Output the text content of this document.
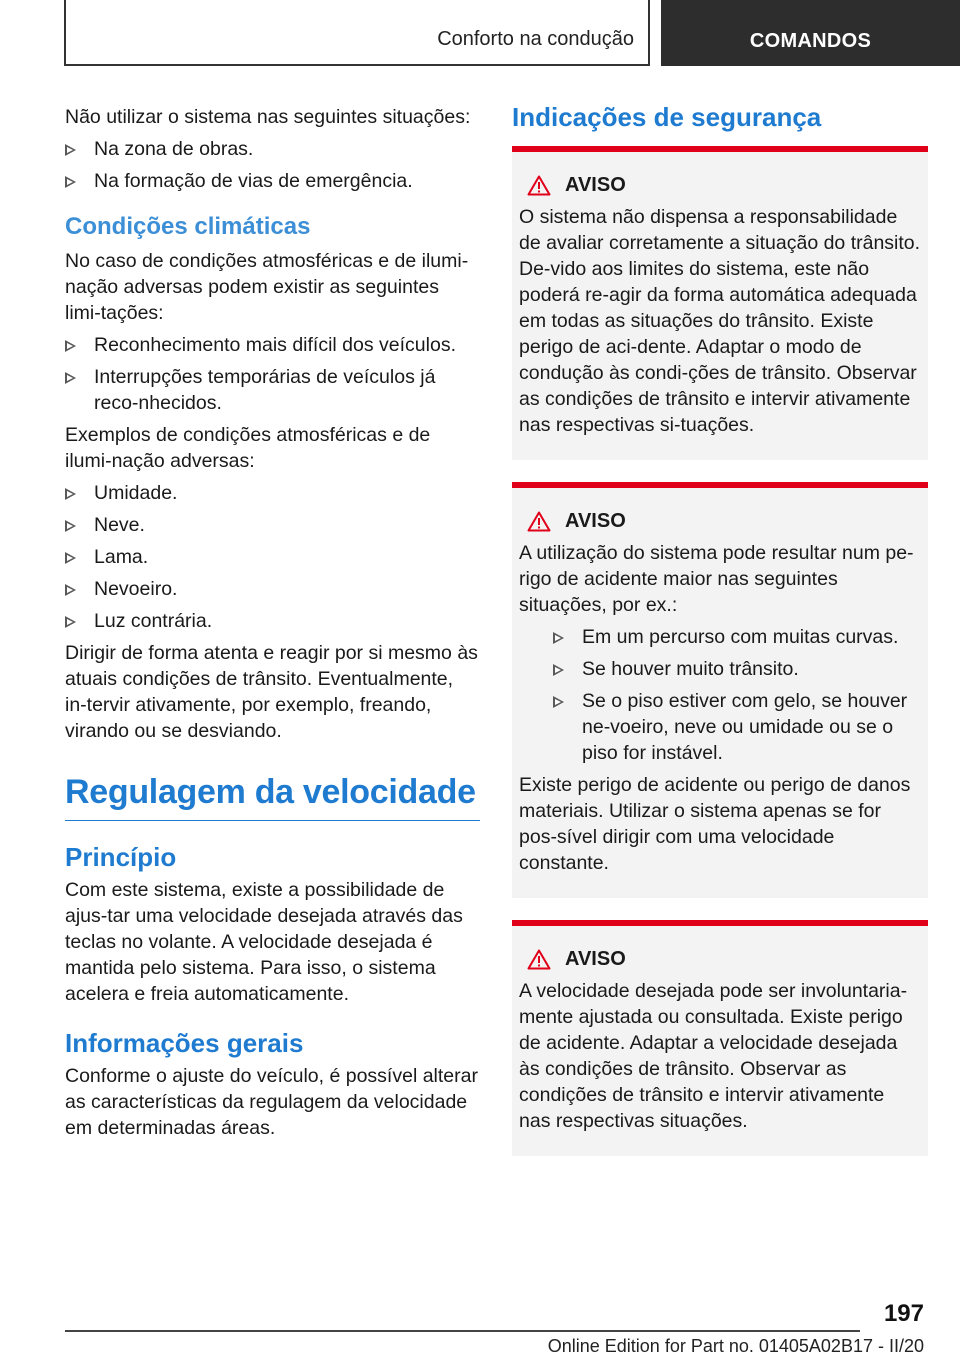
Conforto na condução	COMANDOS

Não utilizar o sistema nas seguintes situações:

Na zona de obras.
Na formação de vias de emergência.
Condições climáticas

No caso de condições atmosféricas e de ilumi-nação adversas podem existir as seguintes limi-tações:

Reconhecimento mais difícil dos veículos.
Interrupções temporárias de veículos já reco-nhecidos.

Exemplos de condições atmosféricas e de ilumi-nação adversas:

Umidade.
Neve.
Lama.
Nevoeiro.
Luz contrária.

Dirigir de forma atenta e reagir por si mesmo às atuais condições de trânsito. Eventualmente, in-tervir ativamente, por exemplo, freando, virando ou se desviando.

Regulagem da velocidade
Princípio

Com este sistema, existe a possibilidade de ajus-tar uma velocidade desejada através das teclas no volante. A velocidade desejada é mantida pelo sistema. Para isso, o sistema acelera e freia automaticamente.

Informações gerais

Conforme o ajuste do veículo, é possível alterar as características da regulagem da velocidade em determinadas áreas.

Indicações de segurança
AVISO

O sistema não dispensa a responsabilidade de avaliar corretamente a situação do trânsito. De-vido aos limites do sistema, este não poderá re-agir da forma automática adequada em todas as situações do trânsito. Existe perigo de aci-dente. Adaptar o modo de condução às condi-ções de trânsito. Observar as condições de trânsito e intervir ativamente nas respectivas si-tuações.

AVISO

A utilização do sistema pode resultar num pe-rigo de acidente maior nas seguintes situações, por ex.:

Em um percurso com muitas curvas.
Se houver muito trânsito.
Se o piso estiver com gelo, se houver ne-voeiro, neve ou umidade ou se o piso for instável.

Existe perigo de acidente ou perigo de danos materiais. Utilizar o sistema apenas se for pos-sível dirigir com uma velocidade constante.

AVISO

A velocidade desejada pode ser involuntaria-mente ajustada ou consultada. Existe perigo de acidente. Adaptar a velocidade desejada às condições de trânsito. Observar as condições de trânsito e intervir ativamente nas respectivas situações.

197
Online Edition for Part no. 01405A02B17 - II/20
